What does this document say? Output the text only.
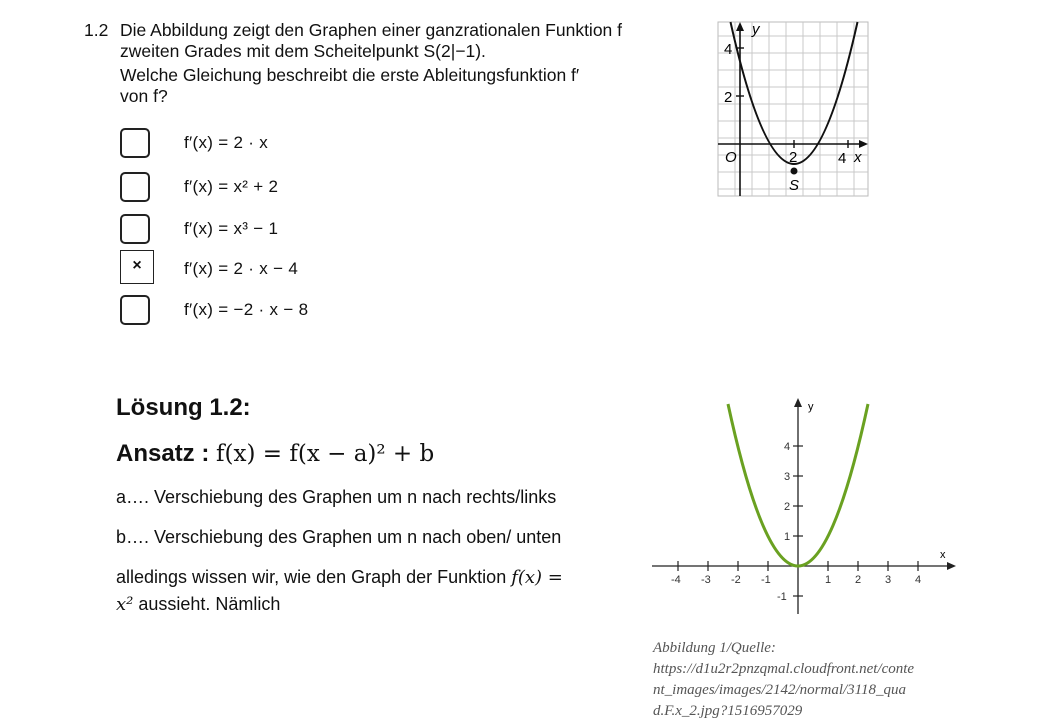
1.2 Die Abbildung zeigt den Graphen einer ganzrationalen Funktion f

zweiten Grades mit dem Scheitelpunkt S(2|−1).

Welche Gleichung beschreibt die erste Ableitungsfunktion f′

von f?

f′(x) = 2 · x
f′(x) = x² + 2
f′(x) = x³ − 1
×	f′(x) = 2 · x − 4
f′(x) = −2 · x − 8
y
x
4
2
O	2	4
S
Lösung 1.2:
Ansatz : f(x) = f(x − a)² + b
a…. Verschiebung des Graphen um n nach rechts/links
b…. Verschiebung des Graphen um n nach oben/ unten
alledings wissen wir, wie den Graph der Funktion f(x) =
x² aussieht. Nämlich
-4 -3 -2 -1	1 2 3 4
4
3
2
1
-1
y
x
Abbildung 1/Quelle:
https://d1u2r2pnzqmal.cloudfront.net/conte
nt_images/images/2142/normal/3118_qua
d.F.x_2.jpg?1516957029
